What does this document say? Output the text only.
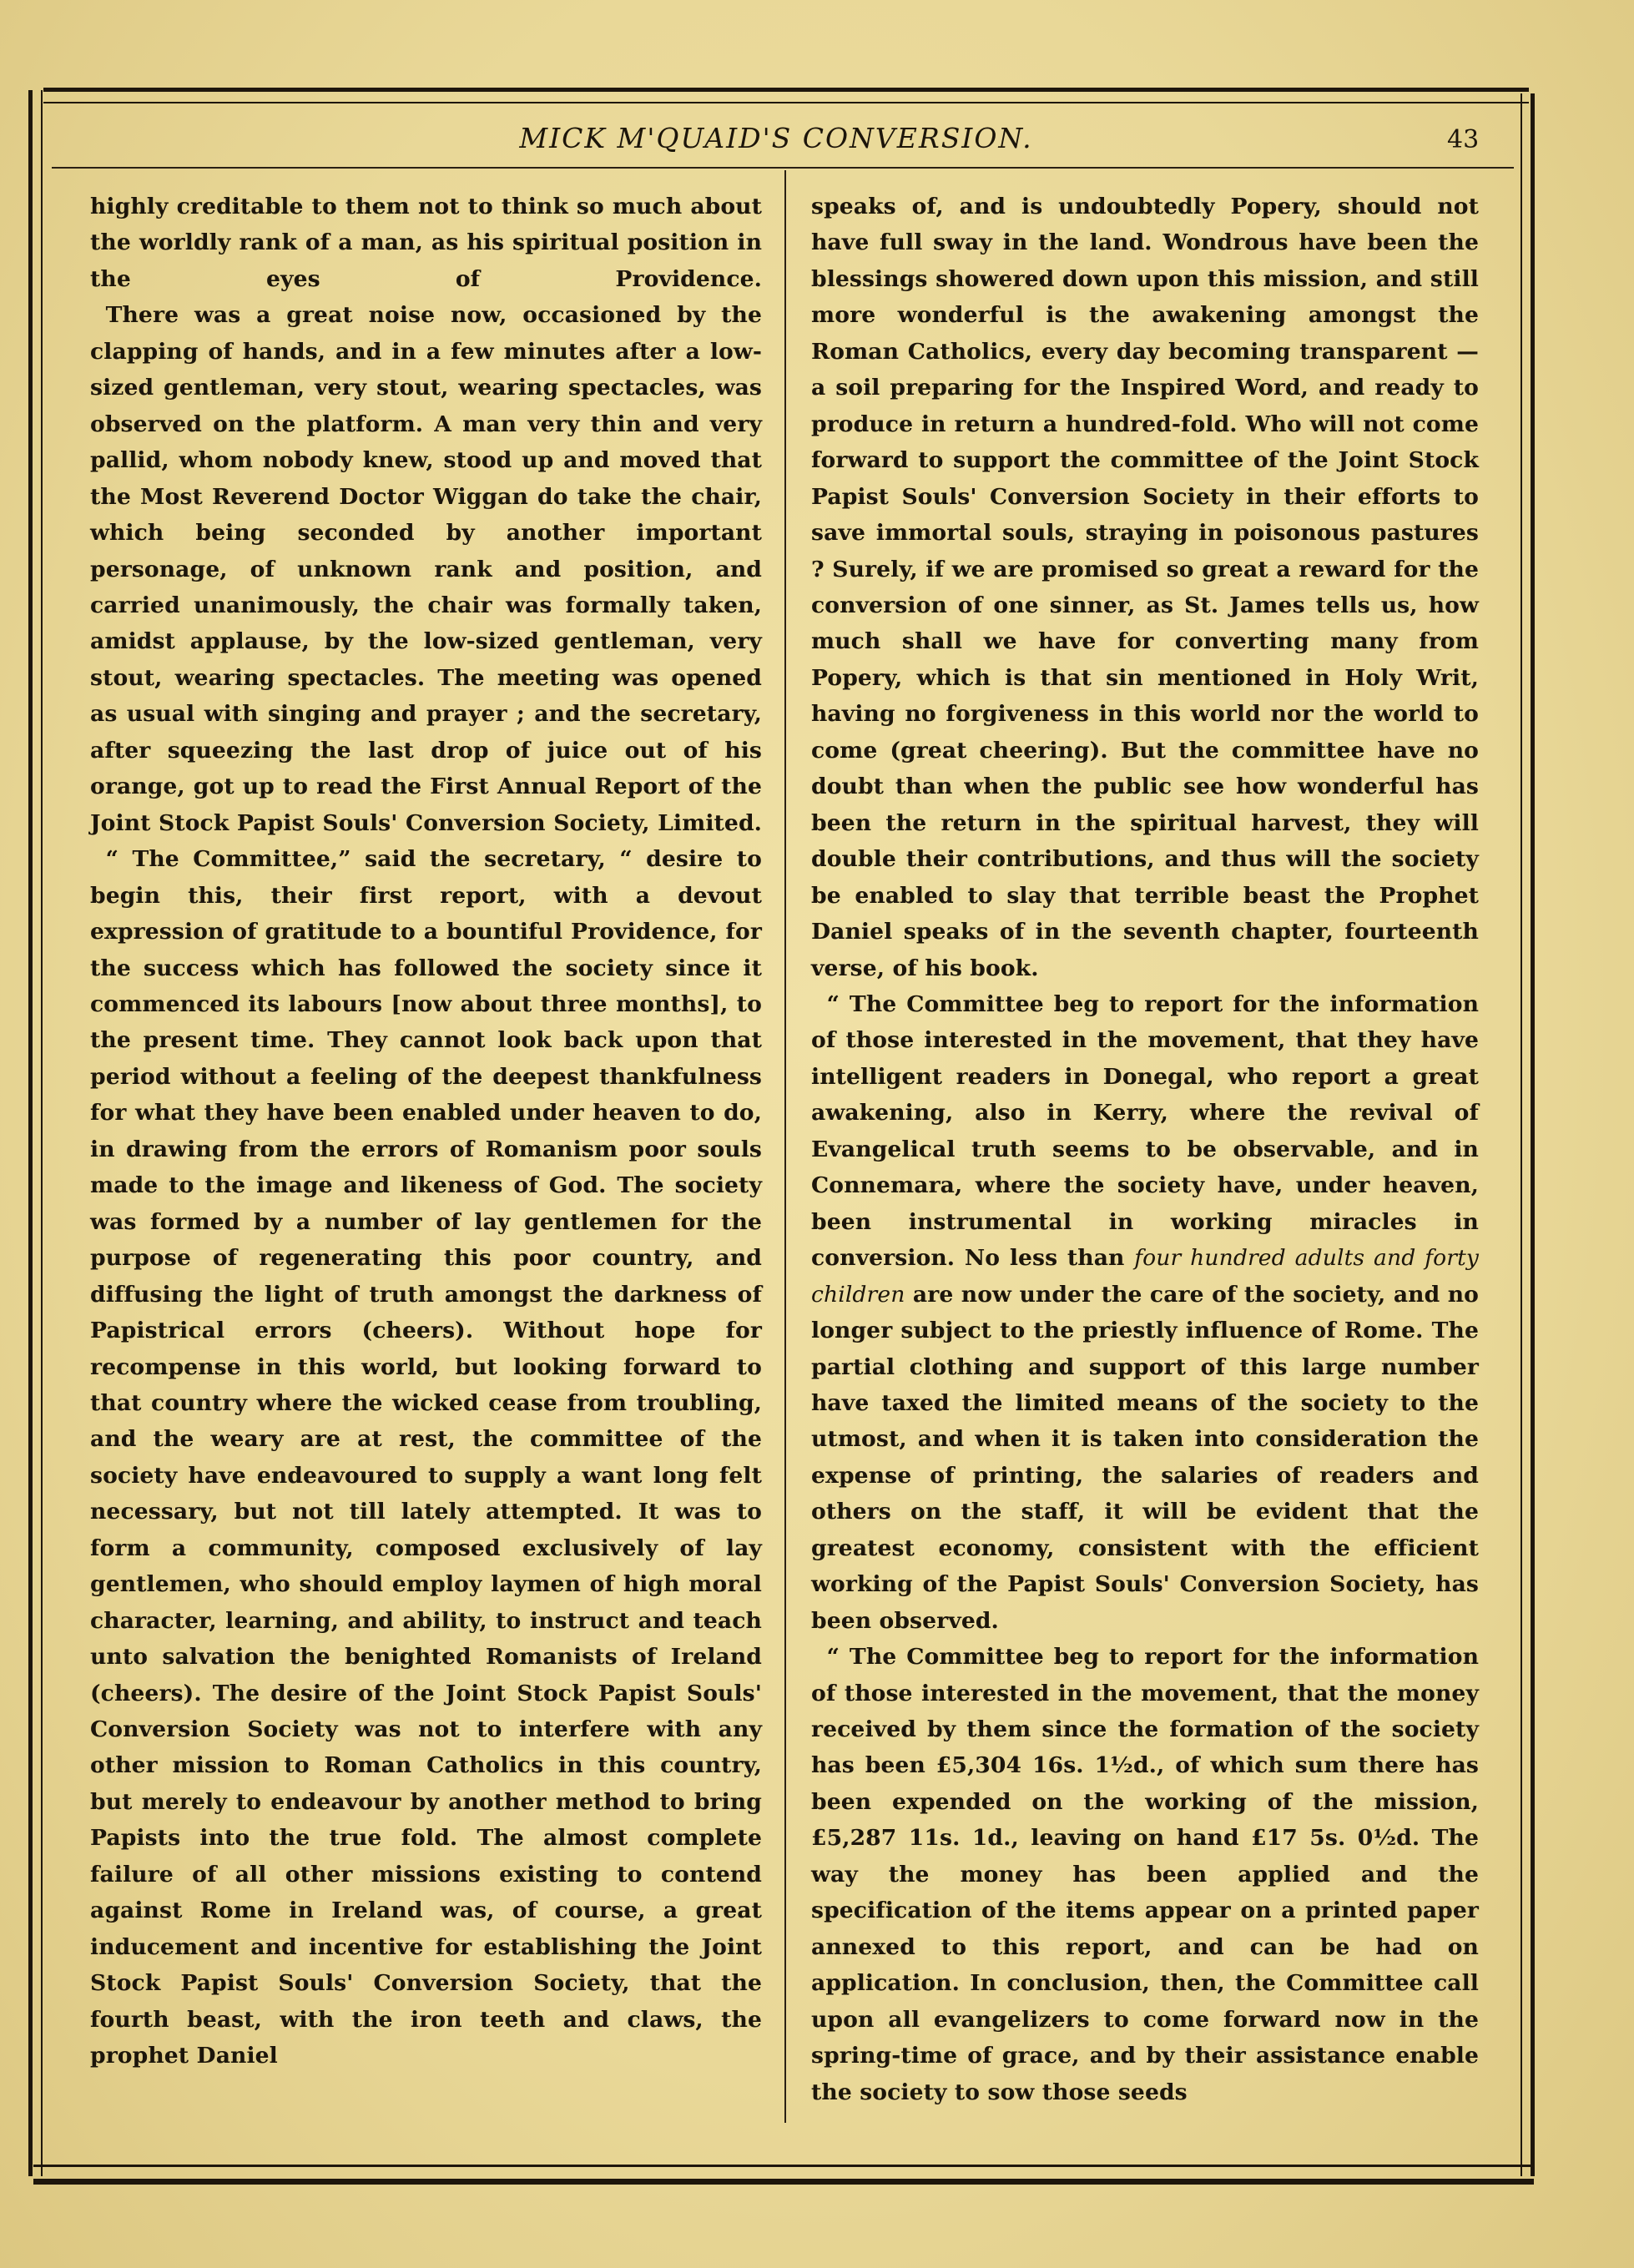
MICK M'QUAID'S CONVERSION.	43

highly creditable to them not to think so much about the worldly rank of a man, as his spiritual position in the eyes of Providence.

There was a great noise now, occasioned by the clapping of hands, and in a few minutes after a low-sized gentleman, very stout, wearing spectacles, was observed on the platform. A man very thin and very pallid, whom nobody knew, stood up and moved that the Most Reverend Doctor Wiggan do take the chair, which being seconded by another important personage, of unknown rank and position, and carried unanimously, the chair was formally taken, amidst applause, by the low-sized gentleman, very stout, wearing spectacles. The meeting was opened as usual with singing and prayer ; and the secretary, after squeezing the last drop of juice out of his orange, got up to read the First Annual Report of the Joint Stock Papist Souls' Conversion Society, Limited.

“ The Committee,” said the secretary, “ desire to begin this, their first report, with a devout expression of gratitude to a bountiful Providence, for the success which has followed the society since it commenced its labours [now about three months], to the present time. They cannot look back upon that period without a feeling of the deepest thankfulness for what they have been enabled under heaven to do, in drawing from the errors of Romanism poor souls made to the image and likeness of God. The society was formed by a number of lay gentlemen for the purpose of regenerating this poor country, and diffusing the light of truth amongst the darkness of Papistrical errors (cheers). Without hope for recompense in this world, but looking forward to that country where the wicked cease from troubling, and the weary are at rest, the committee of the society have endeavoured to supply a want long felt necessary, but not till lately attempted. It was to form a community, composed exclusively of lay gentlemen, who should employ laymen of high moral character, learning, and ability, to instruct and teach unto salvation the benighted Romanists of Ireland (cheers). The desire of the Joint Stock Papist Souls' Conversion Society was not to interfere with any other mission to Roman Catholics in this country, but merely to endeavour by another method to bring Papists into the true fold. The almost complete failure of all other missions existing to contend against Rome in Ireland was, of course, a great inducement and incentive for establishing the Joint Stock Papist Souls' Conversion Society, that the fourth beast, with the iron teeth and claws, the prophet Daniel

speaks of, and is undoubtedly Popery, should not have full sway in the land. Wondrous have been the blessings showered down upon this mission, and still more wonderful is the awakening amongst the Roman Catholics, every day becoming transparent —a soil preparing for the Inspired Word, and ready to produce in return a hundred-fold. Who will not come forward to support the committee of the Joint Stock Papist Souls' Conversion Society in their efforts to save immortal souls, straying in poisonous pastures ? Surely, if we are promised so great a reward for the conversion of one sinner, as St. James tells us, how much shall we have for converting many from Popery, which is that sin mentioned in Holy Writ, having no forgiveness in this world nor the world to come (great cheering). But the committee have no doubt than when the public see how wonderful has been the return in the spiritual harvest, they will double their contributions, and thus will the society be enabled to slay that terrible beast the Prophet Daniel speaks of in the seventh chapter, fourteenth verse, of his book.

“ The Committee beg to report for the information of those interested in the movement, that they have intelligent readers in Donegal, who report a great awakening, also in Kerry, where the revival of Evangelical truth seems to be observable, and in Connemara, where the society have, under heaven, been instrumental in working miracles in conversion. No less than four hundred adults and forty children are now under the care of the society, and no longer subject to the priestly influence of Rome. The partial clothing and support of this large number have taxed the limited means of the society to the utmost, and when it is taken into consideration the expense of printing, the salaries of readers and others on the staff, it will be evident that the greatest economy, consistent with the efficient working of the Papist Souls' Conversion Society, has been observed.

“ The Committee beg to report for the information of those interested in the movement, that the money received by them since the formation of the society has been £5,304 16s. 1½d., of which sum there has been expended on the working of the mission, £5,287 11s. 1d., leaving on hand £17 5s. 0½d. The way the money has been applied and the specification of the items appear on a printed paper annexed to this report, and can be had on application. In conclusion, then, the Committee call upon all evangelizers to come forward now in the spring-time of grace, and by their assistance enable the society to sow those seeds
